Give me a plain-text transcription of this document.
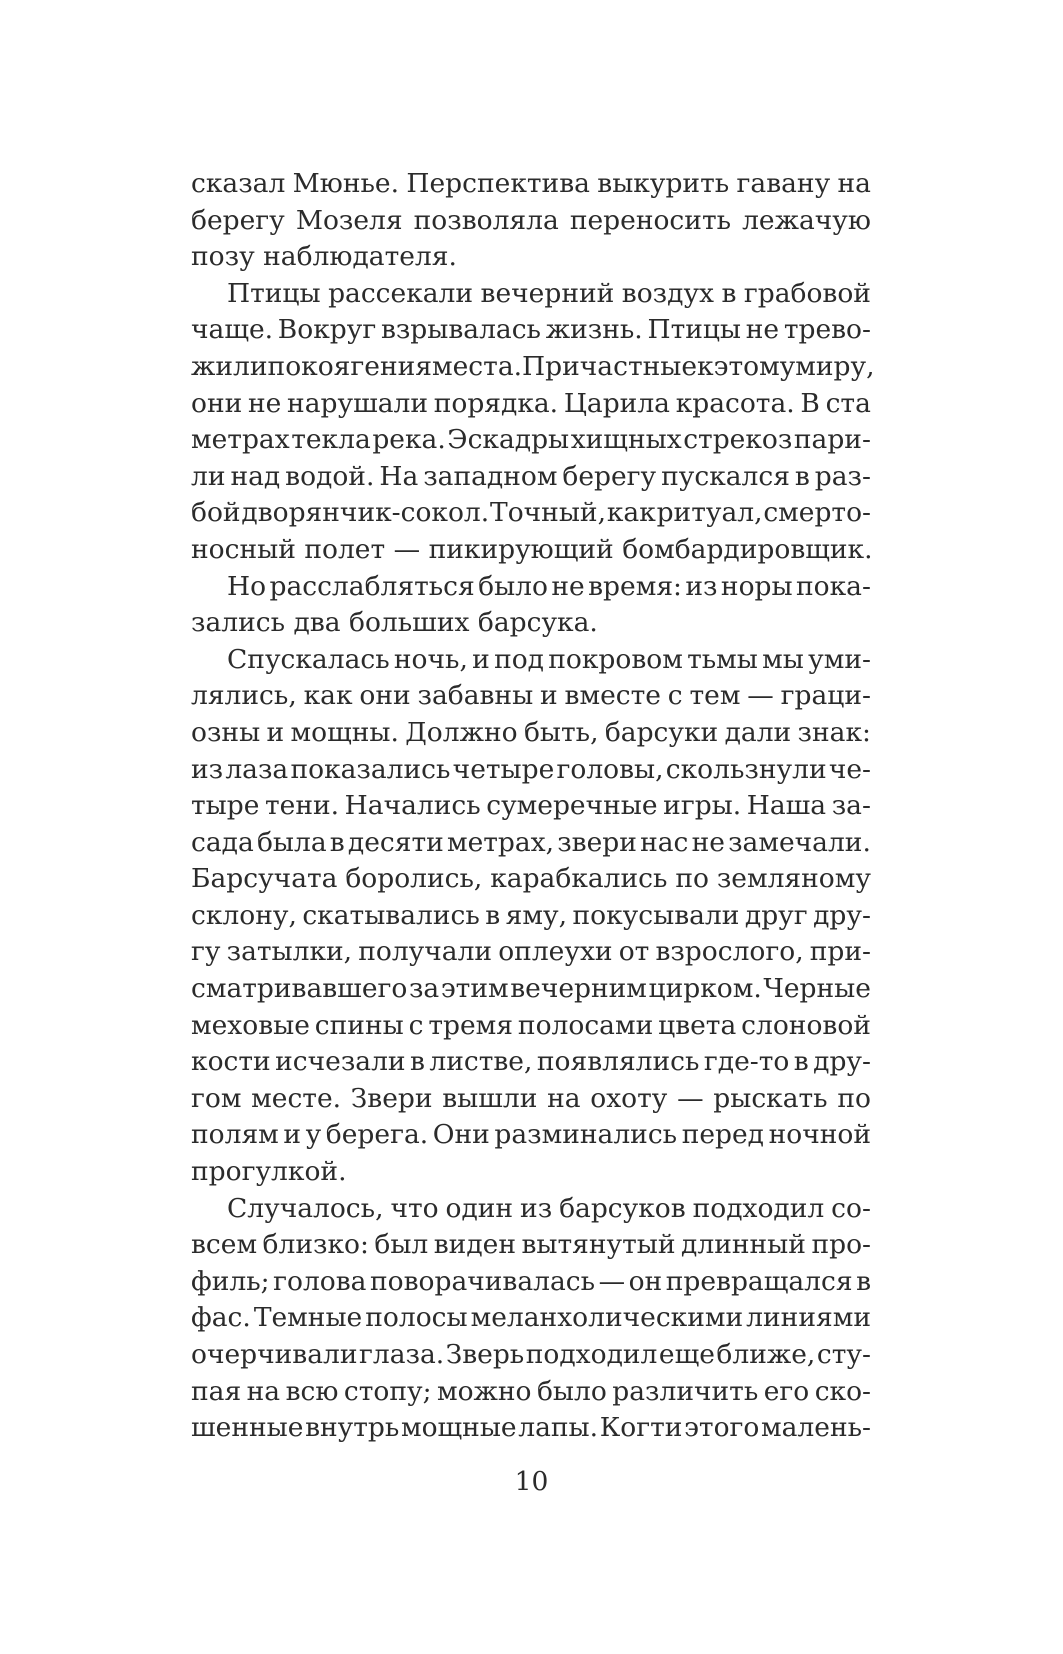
сказал Мюнье. Перспектива выкурить гавану на
берегу Мозеля позволяла переносить лежачую
позу наблюдателя.
Птицы рассекали вечерний воздух в грабовой
чаще. Вокруг взрывалась жизнь. Птицы не трево-
жили покоя гения места. Причастные к этому миру,
они не нарушали порядка. Царила красота. В ста
метрах текла река. Эскадры хищных стрекоз пари-
ли над водой. На западном берегу пускался в раз-
бой дворянчик-сокол. Точный, как ритуал, смерто-
носный полет — пикирующий бомбардировщик.
Но расслабляться было не время: из норы пока-
зались два больших барсука.
Спускалась ночь, и под покровом тьмы мы уми-
лялись, как они забавны и вместе с тем — граци-
озны и мощны. Должно быть, барсуки дали знак:
из лаза показались четыре головы, скользнули че-
тыре тени. Начались сумеречные игры. Наша за-
сада была в десяти метрах, звери нас не замечали.
Барсучата боролись, карабкались по земляному
склону, скатывались в яму, покусывали друг дру-
гу затылки, получали оплеухи от взрослого, при-
сматривавшего за этим вечерним цирком. Черные
меховые спины с тремя полосами цвета слоновой
кости исчезали в листве, появлялись где-то в дру-
гом месте. Звери вышли на охоту — рыскать по
полям и у берега. Они разминались перед ночной
прогулкой.
Случалось, что один из барсуков подходил со-
всем близко: был виден вытянутый длинный про-
филь; голова поворачивалась — он превращался в
фас. Темные полосы меланхолическими линиями
очерчивали глаза. Зверь подходил еще ближе, сту-
пая на всю стопу; можно было различить его ско-
шенные внутрь мощные лапы. Когти этого малень-
10
